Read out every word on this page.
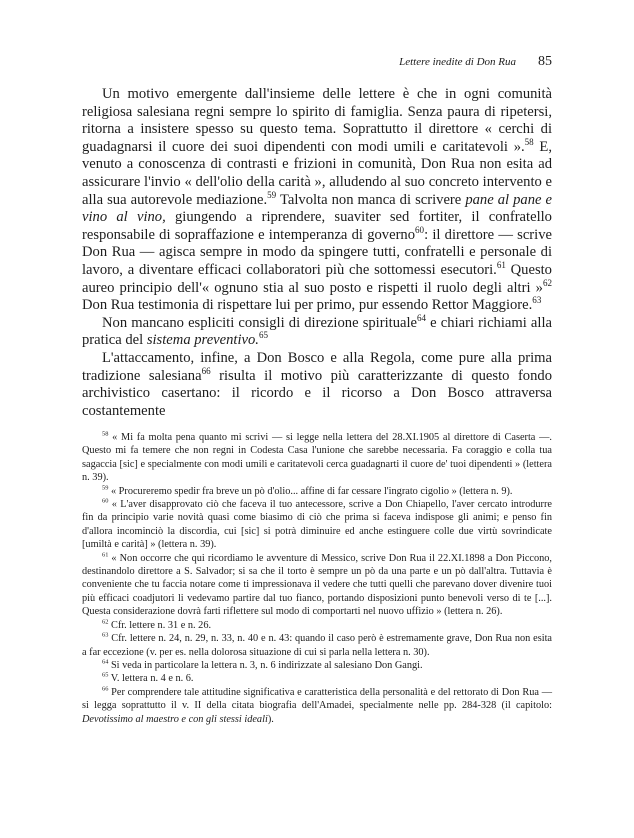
Lettere inedite di Don Rua 85

Un motivo emergente dall'insieme delle lettere è che in ogni comunità religiosa salesiana regni sempre lo spirito di famiglia. Senza paura di ripetersi, ritorna a insistere spesso su questo tema. Soprattutto il direttore « cerchi di guadagnarsi il cuore dei suoi dipendenti con modi umili e caritatevoli ».$^{58}$ E, venuto a conoscenza di contrasti e frizioni in comunità, Don Rua non esita ad assicurare l'invio « dell'olio della carità », alludendo al suo concreto intervento e alla sua autorevole mediazione.$^{59}$ Talvolta non manca di scrivere pane al pane e vino al vino, giungendo a riprendere, suaviter sed fortiter, il confratello responsabile di sopraffazione e intemperanza di governo$^{60}$: il direttore — scrive Don Rua — agisca sempre in modo da spingere tutti, confratelli e personale di lavoro, a diventare efficaci collaboratori più che sottomessi esecutori.$^{61}$ Questo aureo principio dell'« ognuno stia al suo posto e rispetti il ruolo degli altri »$^{62}$ Don Rua testimonia di rispettare lui per primo, pur essendo Rettor Maggiore.$^{63}$

Non mancano espliciti consigli di direzione spirituale$^{64}$ e chiari richiami alla pratica del sistema preventivo.$^{65}$

L'attaccamento, infine, a Don Bosco e alla Regola, come pure alla prima tradizione salesiana$^{66}$ risulta il motivo più caratterizzante di questo fondo archivistico casertano: il ricordo e il ricorso a Don Bosco attraversa costantemente

$^{58}$ « Mi fa molta pena quanto mi scrivi — si legge nella lettera del 28.XI.1905 al direttore di Caserta —. Questo mi fa temere che non regni in Codesta Casa l'unione che sarebbe necessaria. Fa coraggio e colla tua sagaccia [sic] e specialmente con modi umili e caritatevoli cerca guadagnarti il cuore de' tuoi dipendenti » (lettera n. 39).

$^{59}$ « Procureremo spedir fra breve un pò d'olio... affine di far cessare l'ingrato cigolio » (lettera n. 9).

$^{60}$ « L'aver disapprovato ciò che faceva il tuo antecessore, scrive a Don Chiapello, l'aver cercato introdurre fin da principio varie novità quasi come biasimo di ciò che prima si faceva indispose gli animi; e penso fin d'allora incominciò la discordia, cui [sic] si potrà diminuire ed anche estinguere colle due virtù sovrindicate [umiltà e carità] » (lettera n. 39).

$^{61}$ « Non occorre che qui ricordiamo le avventure di Messico, scrive Don Rua il 22.XI.1898 a Don Piccono, destinandolo direttore a S. Salvador; si sa che il torto è sempre un pò da una parte e un pò dall'altra. Tuttavia è conveniente che tu faccia notare come ti impressionava il vedere che tutti quelli che parevano dover divenire tuoi più efficaci coadjutori li vedevamo partire dal tuo fianco, portando disposizioni punto benevoli verso di te [...]. Questa considerazione dovrà farti riflettere sul modo di comportarti nel nuovo uffizio » (lettera n. 26).

$^{62}$ Cfr. lettere n. 31 e n. 26.

$^{63}$ Cfr. lettere n. 24, n. 29, n. 33, n. 40 e n. 43: quando il caso però è estremamente grave, Don Rua non esita a far eccezione (v. per es. nella dolorosa situazione di cui si parla nella lettera n. 30).

$^{64}$ Si veda in particolare la lettera n. 3, n. 6 indirizzate al salesiano Don Gangi.

$^{65}$ V. lettera n. 4 e n. 6.

$^{66}$ Per comprendere tale attitudine significativa e caratteristica della personalità e del rettorato di Don Rua — si legga soprattutto il v. II della citata biografia dell'Amadei, specialmente nelle pp. 284-328 (il capitolo: Devotissimo al maestro e con gli stessi ideali).
